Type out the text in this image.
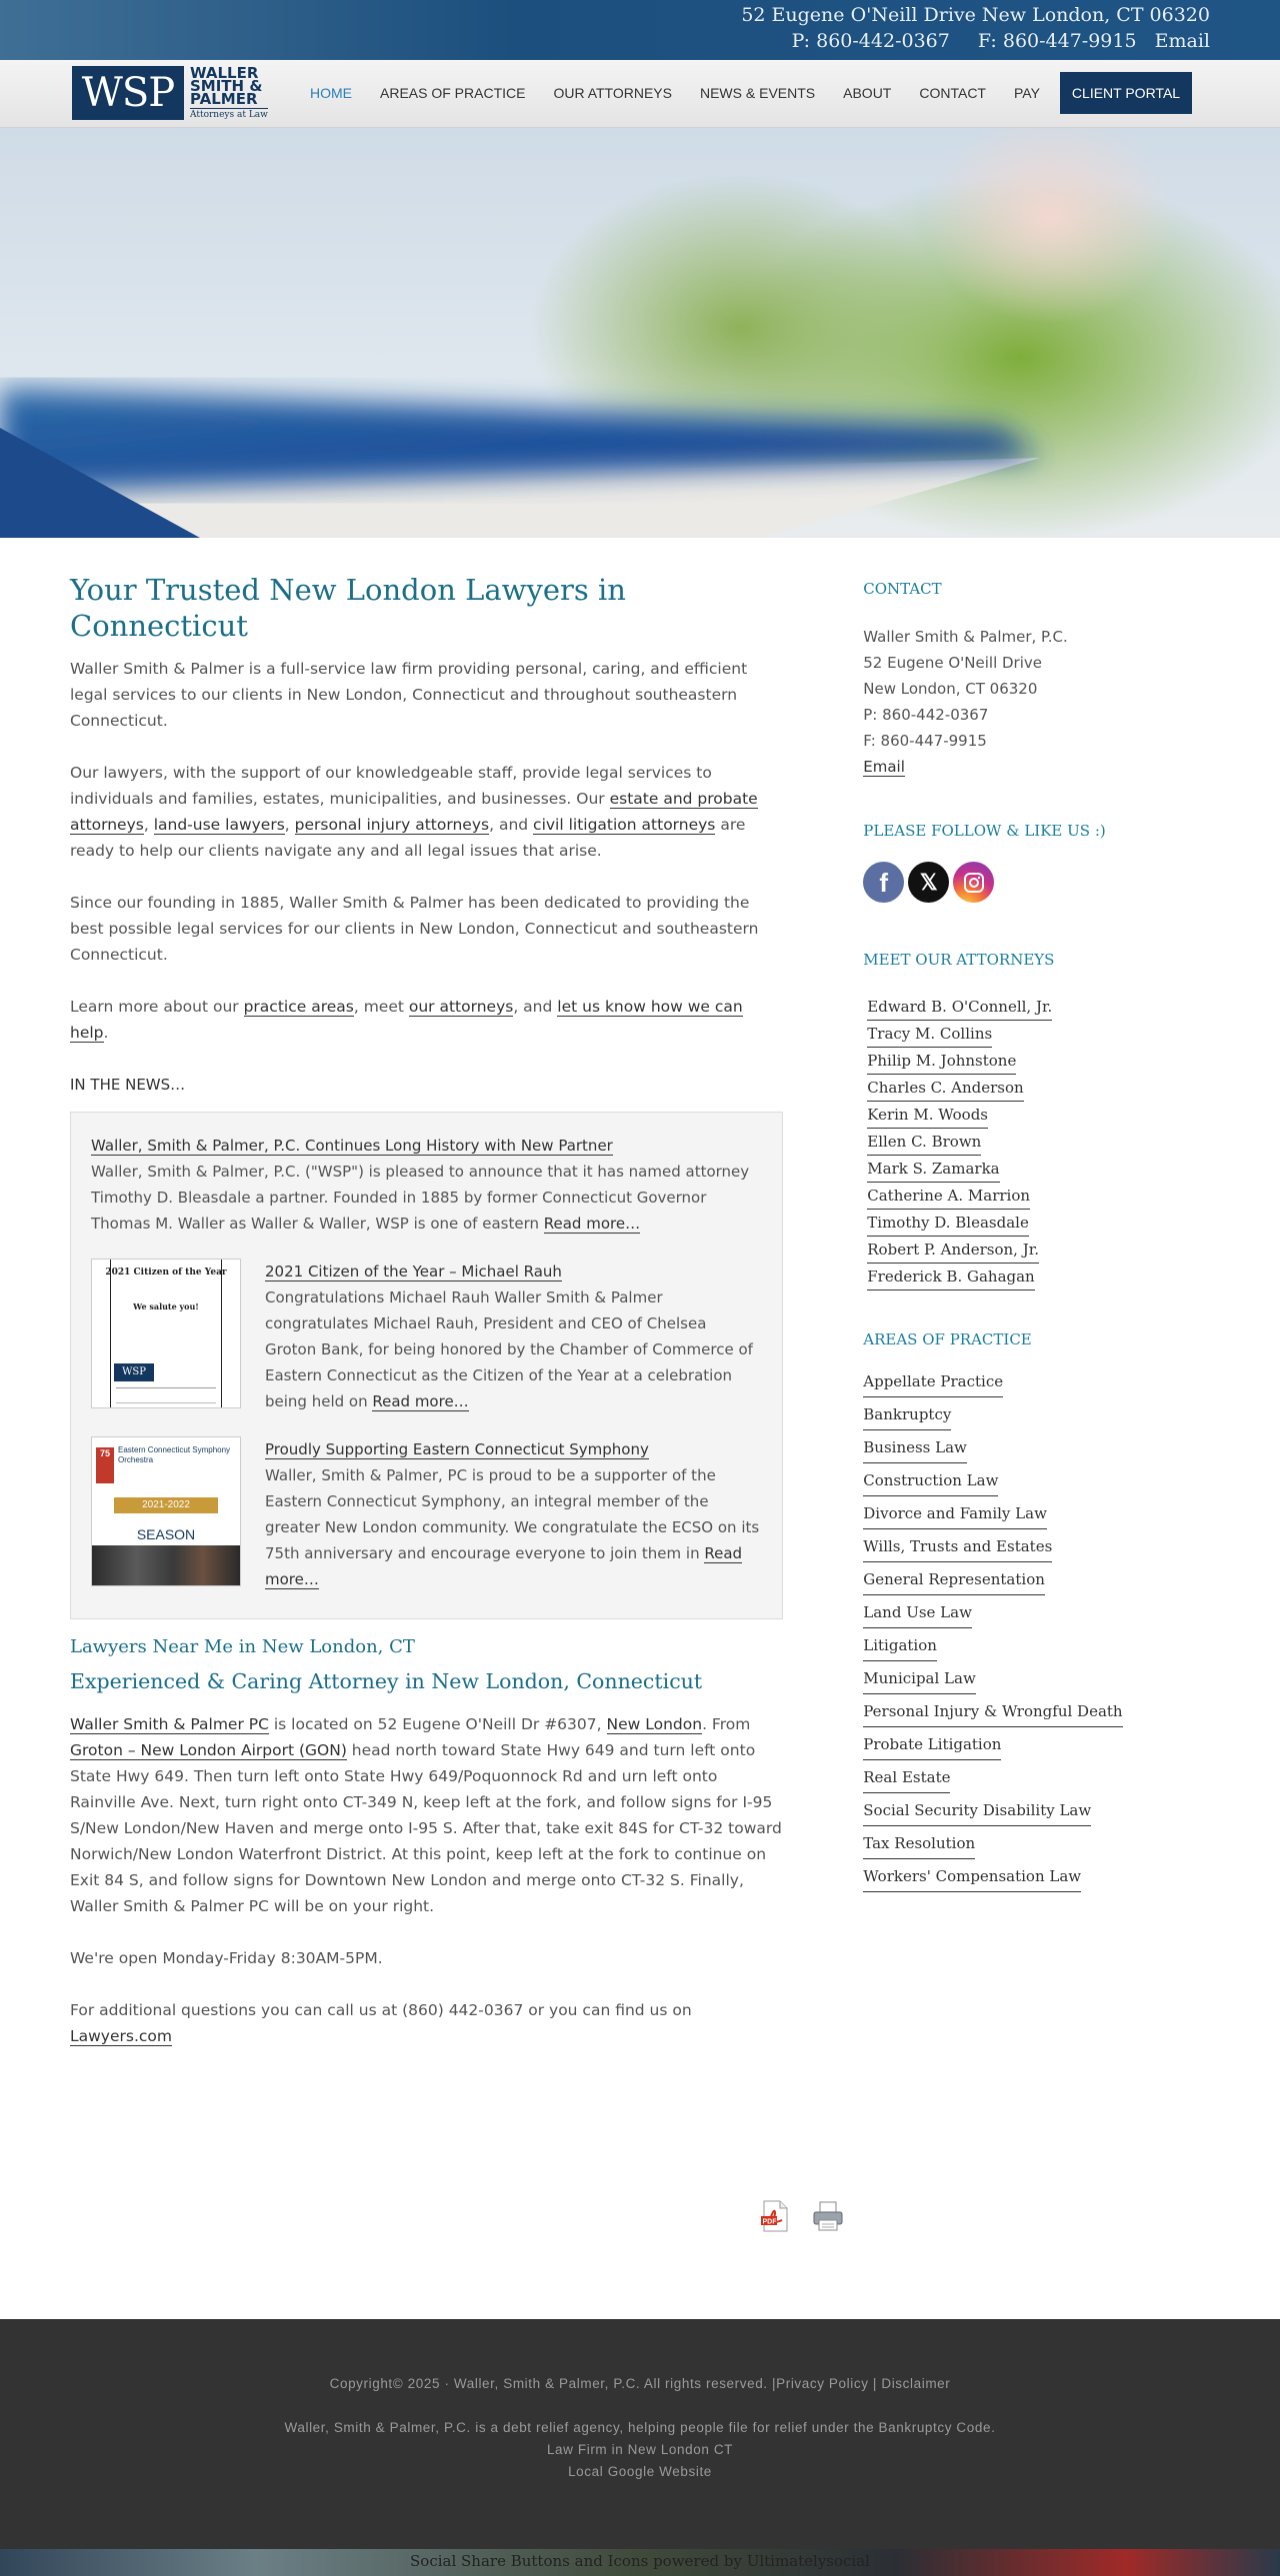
52 Eugene O'Neill Drive New London, CT 06320
P: 860-442-0367 F: 860-447-9915 Email
WSP	WALLER
SMITH &
PALMER
Attorneys at Law
HOME	AREAS OF PRACTICE	OUR ATTORNEYS	NEWS & EVENTS	ABOUT	CONTACT	PAY	CLIENT PORTAL
Your Trusted New London Lawyers in Connecticut

Waller Smith & Palmer is a full-service law firm providing personal, caring, and efficient legal services to our clients in New London, Connecticut and throughout southeastern Connecticut.

Our lawyers, with the support of our knowledgeable staff, provide legal services to individuals and families, estates, municipalities, and businesses. Our estate and probate attorneys, land-use lawyers, personal injury attorneys, and civil litigation attorneys are ready to help our clients navigate any and all legal issues that arise.

Since our founding in 1885, Waller Smith & Palmer has been dedicated to providing the best possible legal services for our clients in New London, Connecticut and southeastern Connecticut.

Learn more about our practice areas, meet our attorneys, and let us know how we can help.

IN THE NEWS…
Waller, Smith & Palmer, P.C. Continues Long History with New Partner
Waller, Smith & Palmer, P.C. ("WSP") is pleased to announce that it has named attorney Timothy D. Bleasdale a partner. Founded in 1885 by former Connecticut Governor Thomas M. Waller as Waller & Waller, WSP is one of eastern Read more…
2021 Citizen of the Year
We salute you!
WSP
2021 Citizen of the Year – Michael Rauh
Congratulations Michael Rauh Waller Smith & Palmer congratulates Michael Rauh, President and CEO of Chelsea Groton Bank, for being honored by the Chamber of Commerce of Eastern Connecticut as the Citizen of the Year at a celebration being held on Read more…
75	Eastern Connecticut Symphony Orchestra
2021-2022
SEASON
Proudly Supporting Eastern Connecticut Symphony
Waller, Smith & Palmer, PC is proud to be a supporter of the Eastern Connecticut Symphony, an integral member of the greater New London community. We congratulate the ECSO on its 75th anniversary and encourage everyone to join them in Read more…
Lawyers Near Me in New London, CT
Experienced & Caring Attorney in New London, Connecticut

Waller Smith & Palmer PC is located on 52 Eugene O'Neill Dr #6307, New London. From Groton – New London Airport (GON) head north toward State Hwy 649 and turn left onto State Hwy 649. Then turn left onto State Hwy 649/Poquonnock Rd and urn left onto Rainville Ave. Next, turn right onto CT-349 N, keep left at the fork, and follow signs for I-95 S/New London/New Haven and merge onto I-95 S. After that, take exit 84S for CT-32 toward Norwich/New London Waterfront District. At this point, keep left at the fork to continue on Exit 84 S, and follow signs for Downtown New London and merge onto CT-32 S. Finally, Waller Smith & Palmer PC will be on your right.

We're open Monday-Friday 8:30AM-5PM.

For additional questions you can call us at (860) 442-0367 or you can find us on Lawyers.com

PDF
CONTACT
Waller Smith & Palmer, P.C.
52 Eugene O'Neill Drive
New London, CT 06320
P: 860-442-0367
F: 860-447-9915
Email
PLEASE FOLLOW & LIKE US :)
f	𝕏
MEET OUR ATTORNEYS
Edward B. O'Connell, Jr.
Tracy M. Collins
Philip M. Johnstone
Charles C. Anderson
Kerin M. Woods
Ellen C. Brown
Mark S. Zamarka
Catherine A. Marrion
Timothy D. Bleasdale
Robert P. Anderson, Jr.
Frederick B. Gahagan
AREAS OF PRACTICE
Appellate Practice
Bankruptcy
Business Law
Construction Law
Divorce and Family Law
Wills, Trusts and Estates
General Representation
Land Use Law
Litigation
Municipal Law
Personal Injury & Wrongful Death
Probate Litigation
Real Estate
Social Security Disability Law
Tax Resolution
Workers' Compensation Law
Copyright© 2025 · Waller, Smith & Palmer, P.C. All rights reserved. |Privacy Policy | Disclaimer
Waller, Smith & Palmer, P.C. is a debt relief agency, helping people file for relief under the Bankruptcy Code.
Law Firm in New London CT
Local Google Website
Social Share Buttons and Icons powered by Ultimatelysocial
